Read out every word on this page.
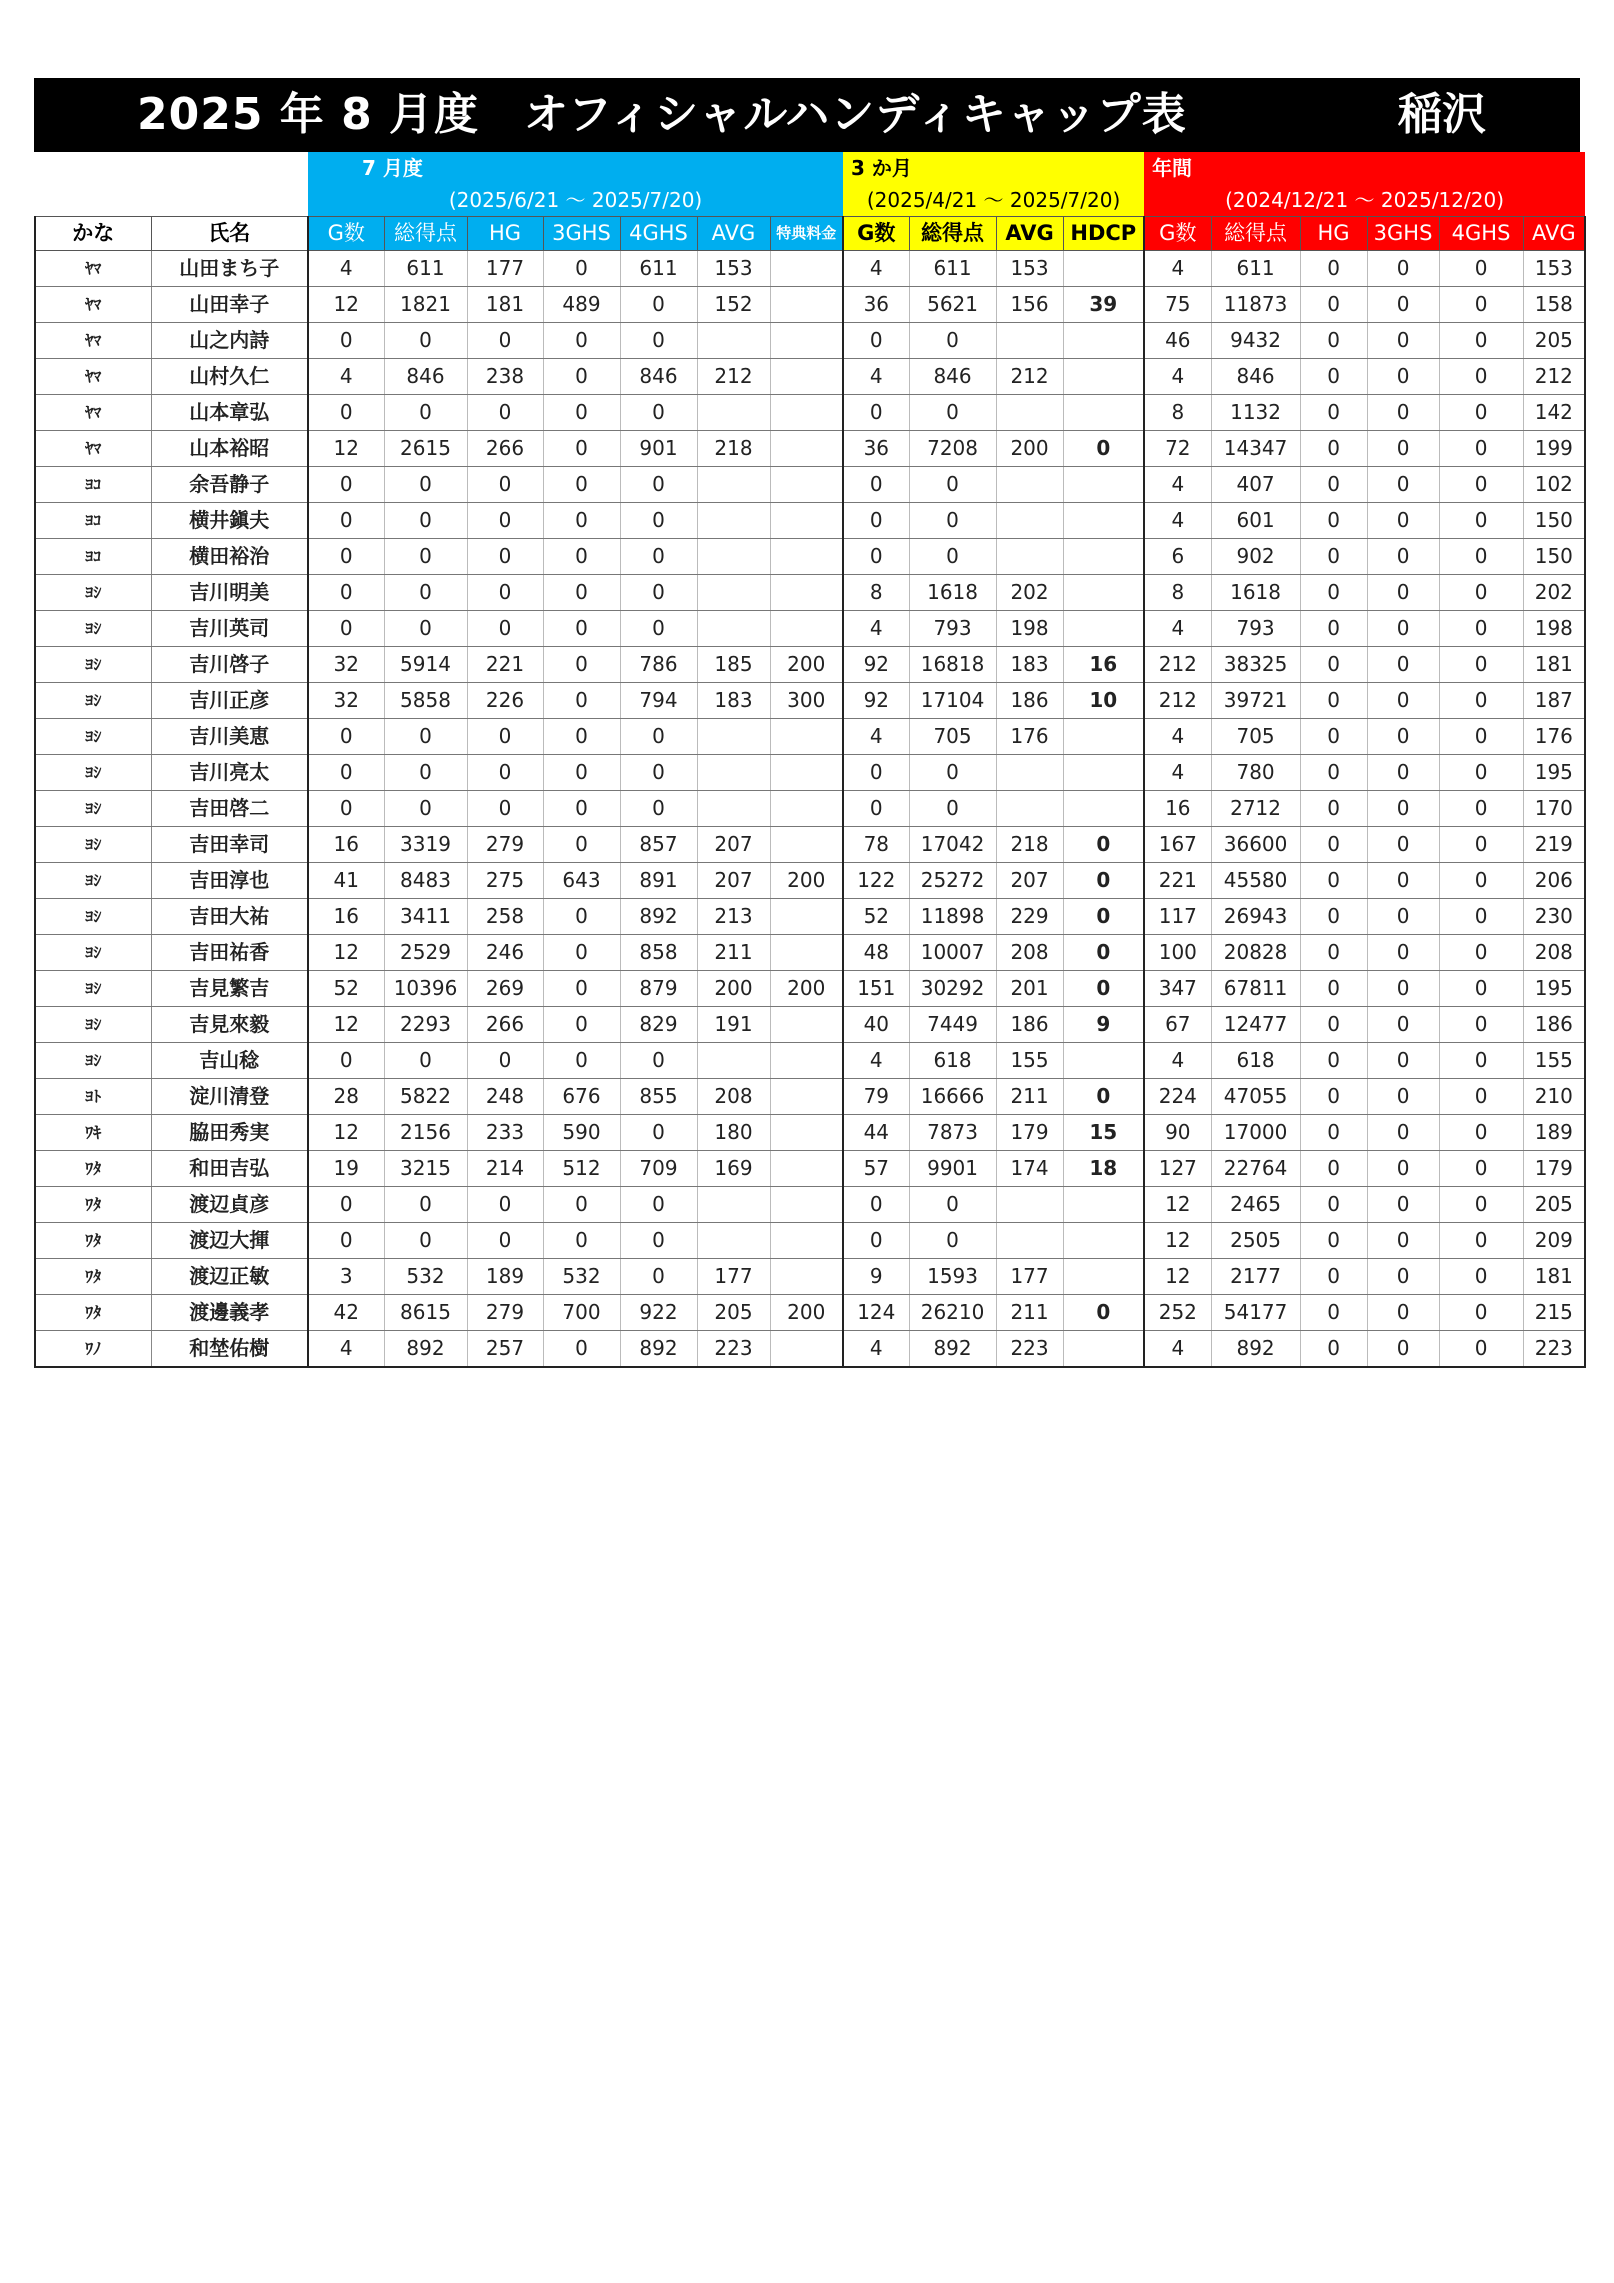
2025 年 8 月度　オフィシャルハンディキャップ表	稲沢
		7 月度							3 か月				年間					
		(2025/6/21 ～ 2025/7/20)							(2025/4/21 ～ 2025/7/20)				(2024/12/21 ～ 2025/12/20)					
かな	氏名	G数	総得点	HG	3GHS	4GHS	AVG	特典料金	G数	総得点	AVG	HDCP	G数	総得点	HG	3GHS	4GHS	AVG
ﾔﾏ	山田まち子	4	611	177	0	611	153		4	611	153		4	611	0	0	0	153
ﾔﾏ	山田幸子	12	1821	181	489	0	152		36	5621	156	39	75	11873	0	0	0	158
ﾔﾏ	山之内詩	0	0	0	0	0			0	0			46	9432	0	0	0	205
ﾔﾏ	山村久仁	4	846	238	0	846	212		4	846	212		4	846	0	0	0	212
ﾔﾏ	山本章弘	0	0	0	0	0			0	0			8	1132	0	0	0	142
ﾔﾏ	山本裕昭	12	2615	266	0	901	218		36	7208	200	0	72	14347	0	0	0	199
ﾖｺ	余吾静子	0	0	0	0	0			0	0			4	407	0	0	0	102
ﾖｺ	横井鎭夫	0	0	0	0	0			0	0			4	601	0	0	0	150
ﾖｺ	横田裕治	0	0	0	0	0			0	0			6	902	0	0	0	150
ﾖｼ	吉川明美	0	0	0	0	0			8	1618	202		8	1618	0	0	0	202
ﾖｼ	吉川英司	0	0	0	0	0			4	793	198		4	793	0	0	0	198
ﾖｼ	吉川啓子	32	5914	221	0	786	185	200	92	16818	183	16	212	38325	0	0	0	181
ﾖｼ	吉川正彦	32	5858	226	0	794	183	300	92	17104	186	10	212	39721	0	0	0	187
ﾖｼ	吉川美恵	0	0	0	0	0			4	705	176		4	705	0	0	0	176
ﾖｼ	吉川亮太	0	0	0	0	0			0	0			4	780	0	0	0	195
ﾖｼ	吉田啓二	0	0	0	0	0			0	0			16	2712	0	0	0	170
ﾖｼ	吉田幸司	16	3319	279	0	857	207		78	17042	218	0	167	36600	0	0	0	219
ﾖｼ	吉田淳也	41	8483	275	643	891	207	200	122	25272	207	0	221	45580	0	0	0	206
ﾖｼ	吉田大祐	16	3411	258	0	892	213		52	11898	229	0	117	26943	0	0	0	230
ﾖｼ	吉田祐香	12	2529	246	0	858	211		48	10007	208	0	100	20828	0	0	0	208
ﾖｼ	吉見繁吉	52	10396	269	0	879	200	200	151	30292	201	0	347	67811	0	0	0	195
ﾖｼ	吉見來毅	12	2293	266	0	829	191		40	7449	186	9	67	12477	0	0	0	186
ﾖｼ	吉山稔	0	0	0	0	0			4	618	155		4	618	0	0	0	155
ﾖﾄ	淀川清登	28	5822	248	676	855	208		79	16666	211	0	224	47055	0	0	0	210
ﾜｷ	脇田秀実	12	2156	233	590	0	180		44	7873	179	15	90	17000	0	0	0	189
ﾜﾀ	和田吉弘	19	3215	214	512	709	169		57	9901	174	18	127	22764	0	0	0	179
ﾜﾀ	渡辺貞彦	0	0	0	0	0			0	0			12	2465	0	0	0	205
ﾜﾀ	渡辺大揮	0	0	0	0	0			0	0			12	2505	0	0	0	209
ﾜﾀ	渡辺正敏	3	532	189	532	0	177		9	1593	177		12	2177	0	0	0	181
ﾜﾀ	渡邊義孝	42	8615	279	700	922	205	200	124	26210	211	0	252	54177	0	0	0	215
ﾜﾉ	和埜佑樹	4	892	257	0	892	223		4	892	223		4	892	0	0	0	223
